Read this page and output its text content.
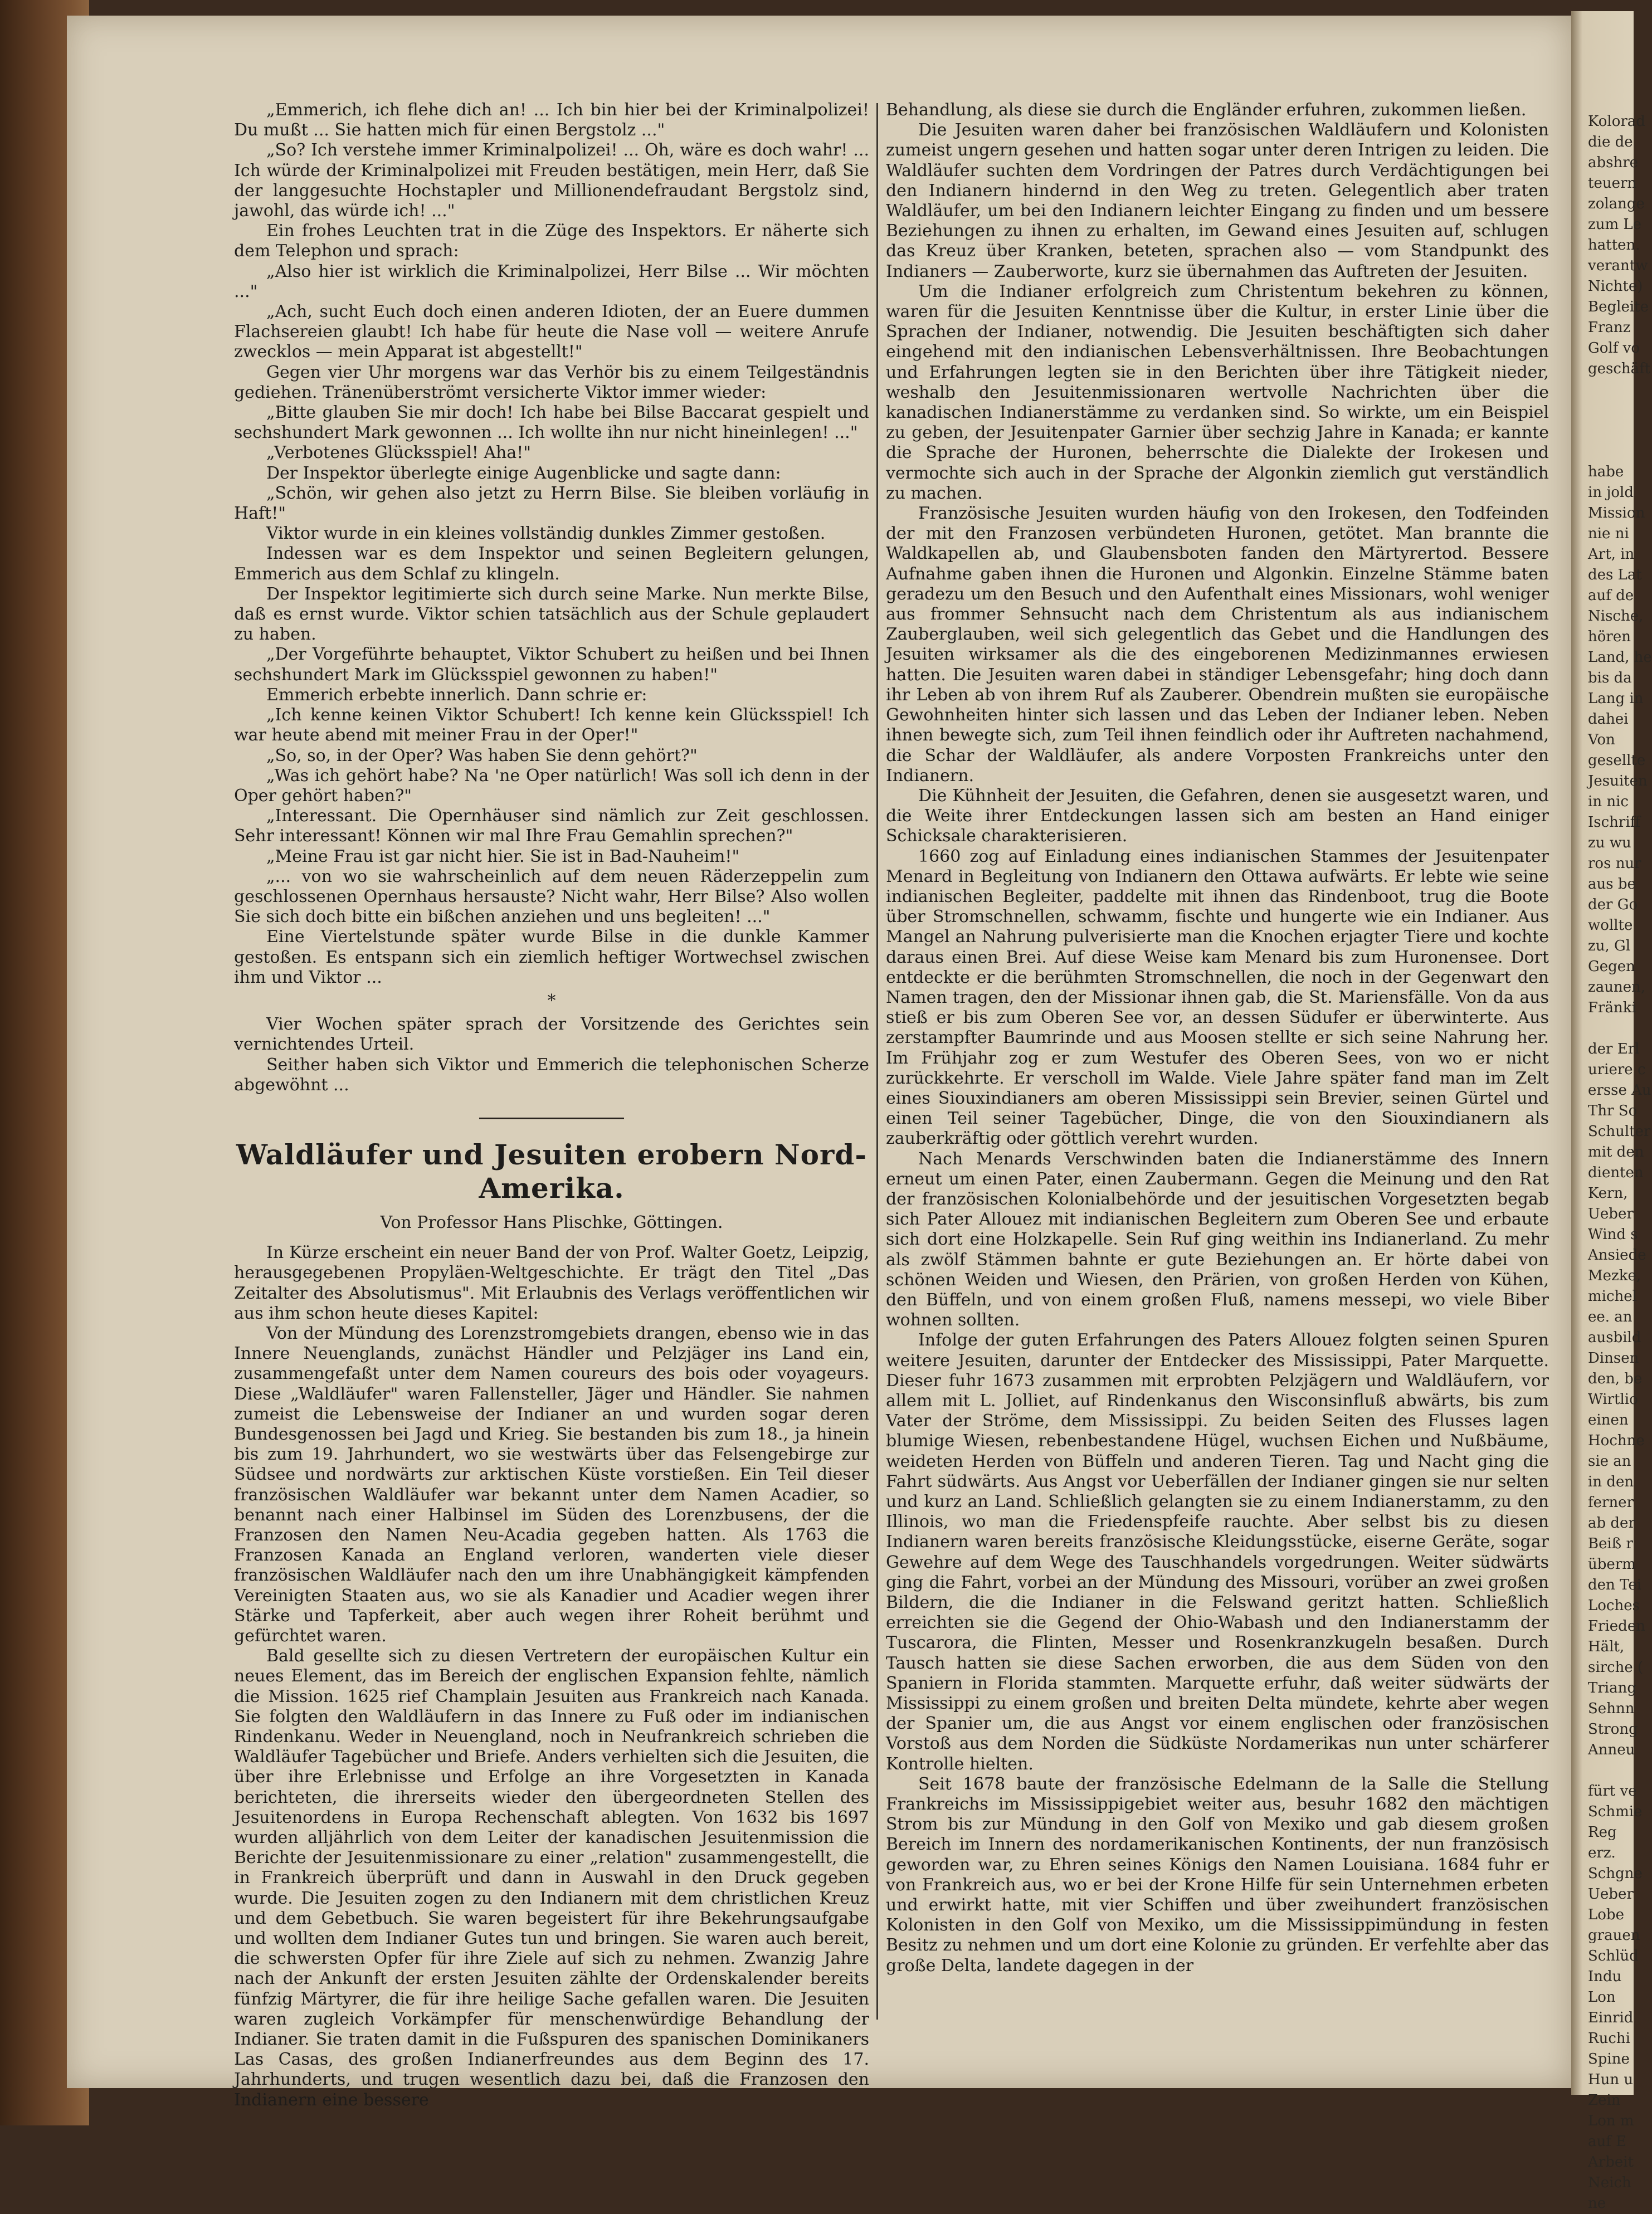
Kolorad
die de
abshre
teuern
zolange
zum Le
hatten.
verantw
Nichte)
Begleite
Franz
Golf vo
geschäft

habe
in jold
Mission
nie ni
Art, in
des Lat
auf de
Nische,
hören
Land, he
bis da
Lang in
dahei
Von
gesellte
Jesuiten
in nic
Ischriff
zu wu
ros nur
aus be
der Go
wollte
zu, Gl
Gegen
zaunen,
Fränki

der Erl
uriere c
ersse Au
Thr So
Schulter
mit den
dienten
Kern,
Ueber
Wind s
Ansiede
Mezke,
michel
ee. an
ausbild
Dinsen
den, be
Wirtlio
einen
Hochne
sie an
in den
ferner
ab der
Beiß r
überm
den Tei
Loches
Frieden
Hält,
sirche (
Triang
Sehnn
Strong
Anneu

fürt ve
Schmie
Reg
erz.
Schgne
Ueber
Lobe
grauen
Schlüd
Indu
Lon
Einrid
Ruchi
Spine
Hun u
Zein
Lon m
auf E
Arbeit
Neich
ne

„Emmerich, ich flehe dich an! ... Ich bin hier bei der Kriminalpolizei! Du mußt ... Sie hatten mich für einen Bergstolz ..."

„So? Ich verstehe immer Kriminalpolizei! ... Oh, wäre es doch wahr! ... Ich würde der Kriminalpolizei mit Freuden bestätigen, mein Herr, daß Sie der langgesuchte Hochstapler und Millionendefraudant Bergstolz sind, jawohl, das würde ich! ..."

Ein frohes Leuchten trat in die Züge des Inspektors. Er näherte sich dem Telephon und sprach:

„Also hier ist wirklich die Kriminalpolizei, Herr Bilse ... Wir möchten ..."

„Ach, sucht Euch doch einen anderen Idioten, der an Euere dummen Flachsereien glaubt! Ich habe für heute die Nase voll — weitere Anrufe zwecklos — mein Apparat ist abgestellt!"

Gegen vier Uhr morgens war das Verhör bis zu einem Teilgeständnis gediehen. Tränenüberströmt versicherte Viktor immer wieder:

„Bitte glauben Sie mir doch! Ich habe bei Bilse Baccarat gespielt und sechshundert Mark gewonnen ... Ich wollte ihn nur nicht hineinlegen! ..."

„Verbotenes Glücksspiel! Aha!"

Der Inspektor überlegte einige Augenblicke und sagte dann:

„Schön, wir gehen also jetzt zu Herrn Bilse. Sie bleiben vorläufig in Haft!"

Viktor wurde in ein kleines vollständig dunkles Zimmer gestoßen.

Indessen war es dem Inspektor und seinen Begleitern gelungen, Emmerich aus dem Schlaf zu klingeln.

Der Inspektor legitimierte sich durch seine Marke. Nun merkte Bilse, daß es ernst wurde. Viktor schien tatsächlich aus der Schule geplaudert zu haben.

„Der Vorgeführte behauptet, Viktor Schubert zu heißen und bei Ihnen sechshundert Mark im Glücksspiel gewonnen zu haben!"

Emmerich erbebte innerlich. Dann schrie er:

„Ich kenne keinen Viktor Schubert! Ich kenne kein Glücksspiel! Ich war heute abend mit meiner Frau in der Oper!"

„So, so, in der Oper? Was haben Sie denn gehört?"

„Was ich gehört habe? Na 'ne Oper natürlich! Was soll ich denn in der Oper gehört haben?"

„Interessant. Die Opernhäuser sind nämlich zur Zeit geschlossen. Sehr interessant! Können wir mal Ihre Frau Gemahlin sprechen?"

„Meine Frau ist gar nicht hier. Sie ist in Bad-Nauheim!"

„... von wo sie wahrscheinlich auf dem neuen Räderzeppelin zum geschlossenen Opernhaus hersauste? Nicht wahr, Herr Bilse? Also wollen Sie sich doch bitte ein bißchen anziehen und uns begleiten! ..."

Eine Viertelstunde später wurde Bilse in die dunkle Kammer gestoßen. Es entspann sich ein ziemlich heftiger Wortwechsel zwischen ihm und Viktor ...

*

Vier Wochen später sprach der Vorsitzende des Gerichtes sein vernichtendes Urteil.

Seither haben sich Viktor und Emmerich die telephonischen Scherze abgewöhnt ...

Waldläufer und Jesuiten erobern Nord-Amerika.

Von Professor Hans Plischke, Göttingen.

In Kürze erscheint ein neuer Band der von Prof. Walter Goetz, Leipzig, herausgegebenen Propyläen-Weltgeschichte. Er trägt den Titel „Das Zeitalter des Absolutismus". Mit Erlaubnis des Verlags veröffentlichen wir aus ihm schon heute dieses Kapitel:

Von der Mündung des Lorenzstromgebiets drangen, ebenso wie in das Innere Neuenglands, zunächst Händler und Pelzjäger ins Land ein, zusammengefaßt unter dem Namen coureurs des bois oder voyageurs. Diese „Waldläufer" waren Fallensteller, Jäger und Händler. Sie nahmen zumeist die Lebensweise der Indianer an und wurden sogar deren Bundesgenossen bei Jagd und Krieg. Sie bestanden bis zum 18., ja hinein bis zum 19. Jahrhundert, wo sie westwärts über das Felsengebirge zur Südsee und nordwärts zur arktischen Küste vorstießen. Ein Teil dieser französischen Waldläufer war bekannt unter dem Namen Acadier, so benannt nach einer Halbinsel im Süden des Lorenzbusens, der die Franzosen den Namen Neu-Acadia gegeben hatten. Als 1763 die Franzosen Kanada an England verloren, wanderten viele dieser französischen Waldläufer nach den um ihre Unabhängigkeit kämpfenden Vereinigten Staaten aus, wo sie als Kanadier und Acadier wegen ihrer Stärke und Tapferkeit, aber auch wegen ihrer Roheit berühmt und gefürchtet waren.

Bald gesellte sich zu diesen Vertretern der europäischen Kultur ein neues Element, das im Bereich der englischen Expansion fehlte, nämlich die Mission. 1625 rief Champlain Jesuiten aus Frankreich nach Kanada. Sie folgten den Waldläufern in das Innere zu Fuß oder im indianischen Rindenkanu. Weder in Neuengland, noch in Neufrankreich schrieben die Waldläufer Tagebücher und Briefe. Anders verhielten sich die Jesuiten, die über ihre Erlebnisse und Erfolge an ihre Vorgesetzten in Kanada berichteten, die ihrerseits wieder den übergeordneten Stellen des Jesuitenordens in Europa Rechenschaft ablegten. Von 1632 bis 1697 wurden alljährlich von dem Leiter der kanadischen Jesuitenmission die Berichte der Jesuitenmissionare zu einer „relation" zusammengestellt, die in Frankreich überprüft und dann in Auswahl in den Druck gegeben wurde. Die Jesuiten zogen zu den Indianern mit dem christlichen Kreuz und dem Gebetbuch. Sie waren begeistert für ihre Bekehrungsaufgabe und wollten dem Indianer Gutes tun und bringen. Sie waren auch bereit, die schwersten Opfer für ihre Ziele auf sich zu nehmen. Zwanzig Jahre nach der Ankunft der ersten Jesuiten zählte der Ordenskalender bereits fünfzig Märtyrer, die für ihre heilige Sache gefallen waren. Die Jesuiten waren zugleich Vorkämpfer für menschenwürdige Behandlung der Indianer. Sie traten damit in die Fußspuren des spanischen Dominikaners Las Casas, des großen Indianerfreundes aus dem Beginn des 17. Jahrhunderts, und trugen wesentlich dazu bei, daß die Franzosen den Indianern eine bessere

Behandlung, als diese sie durch die Engländer erfuhren, zukommen ließen.

Die Jesuiten waren daher bei französischen Waldläufern und Kolonisten zumeist ungern gesehen und hatten sogar unter deren Intrigen zu leiden. Die Waldläufer suchten dem Vordringen der Patres durch Verdächtigungen bei den Indianern hindernd in den Weg zu treten. Gelegentlich aber traten Waldläufer, um bei den Indianern leichter Eingang zu finden und um bessere Beziehungen zu ihnen zu erhalten, im Gewand eines Jesuiten auf, schlugen das Kreuz über Kranken, beteten, sprachen also — vom Standpunkt des Indianers — Zauberworte, kurz sie übernahmen das Auftreten der Jesuiten.

Um die Indianer erfolgreich zum Christentum bekehren zu können, waren für die Jesuiten Kenntnisse über die Kultur, in erster Linie über die Sprachen der Indianer, notwendig. Die Jesuiten beschäftigten sich daher eingehend mit den indianischen Lebensverhältnissen. Ihre Beobachtungen und Erfahrungen legten sie in den Berichten über ihre Tätigkeit nieder, weshalb den Jesuitenmissionaren wertvolle Nachrichten über die kanadischen Indianerstämme zu verdanken sind. So wirkte, um ein Beispiel zu geben, der Jesuitenpater Garnier über sechzig Jahre in Kanada; er kannte die Sprache der Huronen, beherrschte die Dialekte der Irokesen und vermochte sich auch in der Sprache der Algonkin ziemlich gut verständlich zu machen.

Französische Jesuiten wurden häufig von den Irokesen, den Todfeinden der mit den Franzosen verbündeten Huronen, getötet. Man brannte die Waldkapellen ab, und Glaubensboten fanden den Märtyrertod. Bessere Aufnahme gaben ihnen die Huronen und Algonkin. Einzelne Stämme baten geradezu um den Besuch und den Aufenthalt eines Missionars, wohl weniger aus frommer Sehnsucht nach dem Christentum als aus indianischem Zauberglauben, weil sich gelegentlich das Gebet und die Handlungen des Jesuiten wirksamer als die des eingeborenen Medizinmannes erwiesen hatten. Die Jesuiten waren dabei in ständiger Lebensgefahr; hing doch dann ihr Leben ab von ihrem Ruf als Zauberer. Obendrein mußten sie europäische Gewohnheiten hinter sich lassen und das Leben der Indianer leben. Neben ihnen bewegte sich, zum Teil ihnen feindlich oder ihr Auftreten nachahmend, die Schar der Waldläufer, als andere Vorposten Frankreichs unter den Indianern.

Die Kühnheit der Jesuiten, die Gefahren, denen sie ausgesetzt waren, und die Weite ihrer Entdeckungen lassen sich am besten an Hand einiger Schicksale charakterisieren.

1660 zog auf Einladung eines indianischen Stammes der Jesuitenpater Menard in Begleitung von Indianern den Ottawa aufwärts. Er lebte wie seine indianischen Begleiter, paddelte mit ihnen das Rindenboot, trug die Boote über Stromschnellen, schwamm, fischte und hungerte wie ein Indianer. Aus Mangel an Nahrung pulverisierte man die Knochen erjagter Tiere und kochte daraus einen Brei. Auf diese Weise kam Menard bis zum Huronensee. Dort entdeckte er die berühmten Stromschnellen, die noch in der Gegenwart den Namen tragen, den der Missionar ihnen gab, die St. Mariensfälle. Von da aus stieß er bis zum Oberen See vor, an dessen Südufer er überwinterte. Aus zerstampfter Baumrinde und aus Moosen stellte er sich seine Nahrung her. Im Frühjahr zog er zum Westufer des Oberen Sees, von wo er nicht zurückkehrte. Er verscholl im Walde. Viele Jahre später fand man im Zelt eines Siouxindianers am oberen Mississippi sein Brevier, seinen Gürtel und einen Teil seiner Tagebücher, Dinge, die von den Siouxindianern als zauberkräftig oder göttlich verehrt wurden.

Nach Menards Verschwinden baten die Indianerstämme des Innern erneut um einen Pater, einen Zaubermann. Gegen die Meinung und den Rat der französischen Kolonialbehörde und der jesuitischen Vorgesetzten begab sich Pater Allouez mit indianischen Begleitern zum Oberen See und erbaute sich dort eine Holzkapelle. Sein Ruf ging weithin ins Indianerland. Zu mehr als zwölf Stämmen bahnte er gute Beziehungen an. Er hörte dabei von schönen Weiden und Wiesen, den Prärien, von großen Herden von Kühen, den Büffeln, und von einem großen Fluß, namens messepi, wo viele Biber wohnen sollten.

Infolge der guten Erfahrungen des Paters Allouez folgten seinen Spuren weitere Jesuiten, darunter der Entdecker des Mississippi, Pater Marquette. Dieser fuhr 1673 zusammen mit erprobten Pelzjägern und Waldläufern, vor allem mit L. Jolliet, auf Rindenkanus den Wisconsinfluß abwärts, bis zum Vater der Ströme, dem Mississippi. Zu beiden Seiten des Flusses lagen blumige Wiesen, rebenbestandene Hügel, wuchsen Eichen und Nußbäume, weideten Herden von Büffeln und anderen Tieren. Tag und Nacht ging die Fahrt südwärts. Aus Angst vor Ueberfällen der Indianer gingen sie nur selten und kurz an Land. Schließlich gelangten sie zu einem Indianerstamm, zu den Illinois, wo man die Friedenspfeife rauchte. Aber selbst bis zu diesen Indianern waren bereits französische Kleidungsstücke, eiserne Geräte, sogar Gewehre auf dem Wege des Tauschhandels vorgedrungen. Weiter südwärts ging die Fahrt, vorbei an der Mündung des Missouri, vorüber an zwei großen Bildern, die die Indianer in die Felswand geritzt hatten. Schließlich erreichten sie die Gegend der Ohio-Wabash und den Indianerstamm der Tuscarora, die Flinten, Messer und Rosenkranzkugeln besaßen. Durch Tausch hatten sie diese Sachen erworben, die aus dem Süden von den Spaniern in Florida stammten. Marquette erfuhr, daß weiter südwärts der Mississippi zu einem großen und breiten Delta mündete, kehrte aber wegen der Spanier um, die aus Angst vor einem englischen oder französischen Vorstoß aus dem Norden die Südküste Nordamerikas nun unter schärferer Kontrolle hielten.

Seit 1678 baute der französische Edelmann de la Salle die Stellung Frankreichs im Mississippigebiet weiter aus, besuhr 1682 den mächtigen Strom bis zur Mündung in den Golf von Mexiko und gab diesem großen Bereich im Innern des nordamerikanischen Kontinents, der nun französisch geworden war, zu Ehren seines Königs den Namen Louisiana. 1684 fuhr er von Frankreich aus, wo er bei der Krone Hilfe für sein Unternehmen erbeten und erwirkt hatte, mit vier Schiffen und über zweihundert französischen Kolonisten in den Golf von Mexiko, um die Mississippimündung in festen Besitz zu nehmen und um dort eine Kolonie zu gründen. Er verfehlte aber das große Delta, landete dagegen in der
